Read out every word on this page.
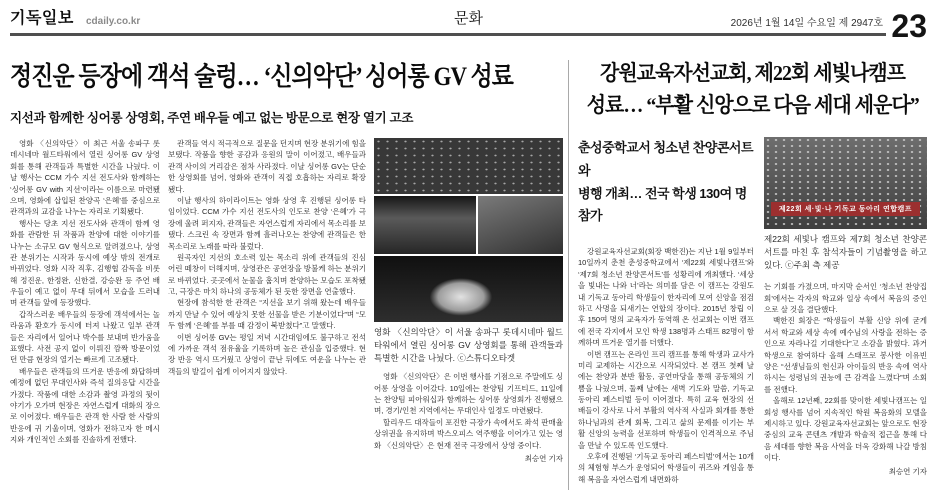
기독일보 cdaily.co.kr	문화	2026년 1월 14일 수요일 제 2947호 23
정진운 등장에 객석 술렁… ‘신의악단’ 싱어롱 GV 성료
지선과 함께한 싱어롱 상영회, 주연 배우들 예고 없는 방문으로 현장 열기 고조

영화 〈신의악단〉이 최근 서울 송파구 롯데시네마 월드타워에서 열린 싱어롱 GV 상영회를 통해 관객들과 특별한 시간을 나눴다. 이날 행사는 CCM 가수 지선 전도사와 함께하는 ‘싱어롱 GV with 지선’이라는 이름으로 마련됐으며, 영화에 삽입된 찬양곡 ‘은혜’를 중심으로 관객과의 교감을 나누는 자리로 기획됐다.

행사는 당초 지선 전도사와 관객이 함께 영화를 관람한 뒤 작품과 찬양에 대한 이야기를 나누는 소규모 GV 형식으로 알려졌으나, 상영관 분위기는 시작과 동시에 예상 밖의 전개로 바뀌었다. 영화 시작 직후, 김행협 감독을 비롯해 정진운, 한정완, 신한결, 강승완 등 주연 배우들이 예고 없이 무대 뒤에서 모습을 드러내며 관객들 앞에 등장했다.

갑작스러운 배우들의 등장에 객석에서는 놀라움과 환호가 동시에 터져 나왔고 일부 관객들은 자리에서 일어나 박수를 보내며 반가움을 표했다. 사전 공지 없이 이뤄진 깜짝 방문이었던 만큼 현장의 열기는 빠르게 고조됐다.

배우들은 관객들의 뜨거운 반응에 화답하며 예정에 없던 무대인사와 즉석 질의응답 시간을 가졌다. 작품에 대한 소감과 촬영 과정의 뒷이야기가 오가며 현장은 자연스럽게 대화의 장으로 이어졌다. 배우들은 관객 한 사람 한 사람의 반응에 귀 기울이며, 영화가 전하고자 한 메시지와 개인적인 소회를 진솔하게 전했다.

관객들 역시 적극적으로 질문을 던지며 현장 분위기에 힘을 보탰다. 작품을 향한 공감과 응원의 말이 이어졌고, 배우들과 관객 사이의 거리감은 점차 사라졌다. 이날 싱어롱 GV는 단순한 상영회를 넘어, 영화와 관객이 직접 호흡하는 자리로 확장됐다.

이날 행사의 하이라이트는 영화 상영 후 진행된 싱어롱 타임이었다. CCM 가수 지선 전도사의 인도로 찬양 ‘은혜’가 극장에 울려 퍼지자, 관객들은 자연스럽게 자리에서 목소리를 보탰다. 스크린 속 장면과 함께 흘러나오는 찬양에 관객들은 한목소리로 노래를 따라 불렀다.

원곡자인 지선의 호소력 있는 목소리 위에 관객들의 진심 어린 떼창이 더해지며, 상영관은 공연장을 방불케 하는 분위기로 바뀌었다. 곳곳에서 눈물을 훔치며 찬양하는 모습도 포착됐고, 극장은 마치 하나의 공동체가 된 듯한 장면을 연출했다.

현장에 참석한 한 관객은 “지선을 보기 위해 왔는데 배우들까지 만날 수 있어 예상치 못한 선물을 받은 기분이었다”며 “모두 함께 ‘은혜’를 부를 때 감정이 북받쳤다”고 말했다.

이번 싱어롱 GV는 평일 저녁 시간대임에도 불구하고 전석에 가까운 객석 점유율을 기록하며 높은 관심을 입증했다. 현장 반응 역시 뜨거웠고 상영이 끝난 뒤에도 여운을 나누는 관객들의 발길이 쉽게 이어지지 않았다.

영화 〈신의악단〉이 서울 송파구 롯데시네마 월드타워에서 열린 싱어롱 GV 상영회를 통해 관객들과 특별한 시간을 나눴다. ⓒ스튜디오타겟

영화 〈신의악단〉은 이번 행사를 기점으로 주말에도 싱어롱 상영을 이어갔다. 10일에는 찬양팀 기프티드, 11일에는 찬양팀 피아워십과 함께하는 싱어롱 상영회가 진행됐으며, 경기/인천 지역에서는 무대인사 일정도 마련됐다.

할리우드 대작들이 포진한 극장가 속에서도 좌석 판매율 상위권을 유지하며 박스오피스 역주행을 이어가고 있는 영화 〈신의악단〉은 현재 전국 극장에서 상영 중이다.

최승연 기자

강원교육자선교회, 제22회 세빛나캠프
성료… “부활 신앙으로 다음 세대 세운다”
춘성중학교서 청소년 찬양콘서트와
병행 개최… 전국 학생 130여 명 참가

강원교육자선교회(회장 백한진)는 지난 1월 9일부터 10일까지 춘천 춘성중학교에서 ‘제22회 세빛나캠프’와 ‘제7회 청소년 찬양콘서트’를 성황리에 개최했다. ‘세상을 빛내는 나와 너’라는 의미를 담은 이 캠프는 강원도 내 기독교 동아리 학생들이 한자리에 모여 신앙을 점검하고 사명을 되새기는 연합의 장이다. 2015년 창립 이후 150여 명의 교육자가 동역해 온 선교회는 이번 캠프에 전국 각지에서 모인 학생 138명과 스태프 82명이 함께하며 뜨거운 열기를 더했다.

이번 캠프는 온라인 프리 캠프를 통해 학생과 교사가 미리 교제하는 시간으로 시작되었다. 본 캠프 첫째 날에는 찬양과 분반 활동, 공연마당을 통해 공동체의 기쁨을 나눴으며, 둘째 날에는 새벽 기도와 말씀, 기독교 동아리 페스티벌 등이 이어졌다. 특히 교육 현장의 선배들이 강사로 나서 부활의 역사적 사실과 회개를 통한 하나님과의 관계 회복, 그리고 삶의 문제를 이기는 부활 신앙의 능력을 선포하며 학생들이 인격적으로 주님을 만날 수 있도록 인도했다.

오후에 진행된 ‘기독교 동아리 페스티벌’에서는 10개의 체험형 부스가 운영되어 학생들이 퀴즈와 게임을 통해 복음을 자연스럽게 내면화하

제22회 세·빛·나 기독교 동아리 연합캠프

제22회 세빛나 캠프와 제7회 청소년 찬양콘서트를 마친 후 참석자들이 기념촬영을 하고 있다. ⓒ주최 측 제공

는 기회를 가졌으며, 마지막 순서인 ‘청소년 찬양집회’에서는 각자의 학교와 일상 속에서 복음의 증인으로 살 것을 결단했다.

백한진 회장은 “학생들이 부활 신앙 위에 굳게 서서 학교와 세상 속에 예수님의 사랑을 전하는 증인으로 자라나길 기대한다”고 소감을 밝혔다. 과거 학생으로 참여하다 올해 스태프로 봉사한 이유빈 양은 “선생님들의 헌신과 아이들의 반응 속에 역사하시는 성령님의 권능에 큰 감격을 느꼈다”며 소회를 전했다.

올해로 12년째, 22회를 맞이한 세빛나캠프는 일회성 행사를 넘어 지속적인 학원 복음화의 모델을 제시하고 있다. 강원교육자선교회는 앞으로도 현장 중심의 교육 콘텐츠 개발과 학술적 접근을 통해 다음 세대를 향한 복음 사역을 더욱 강화해 나갈 방침이다.

최승연 기자
